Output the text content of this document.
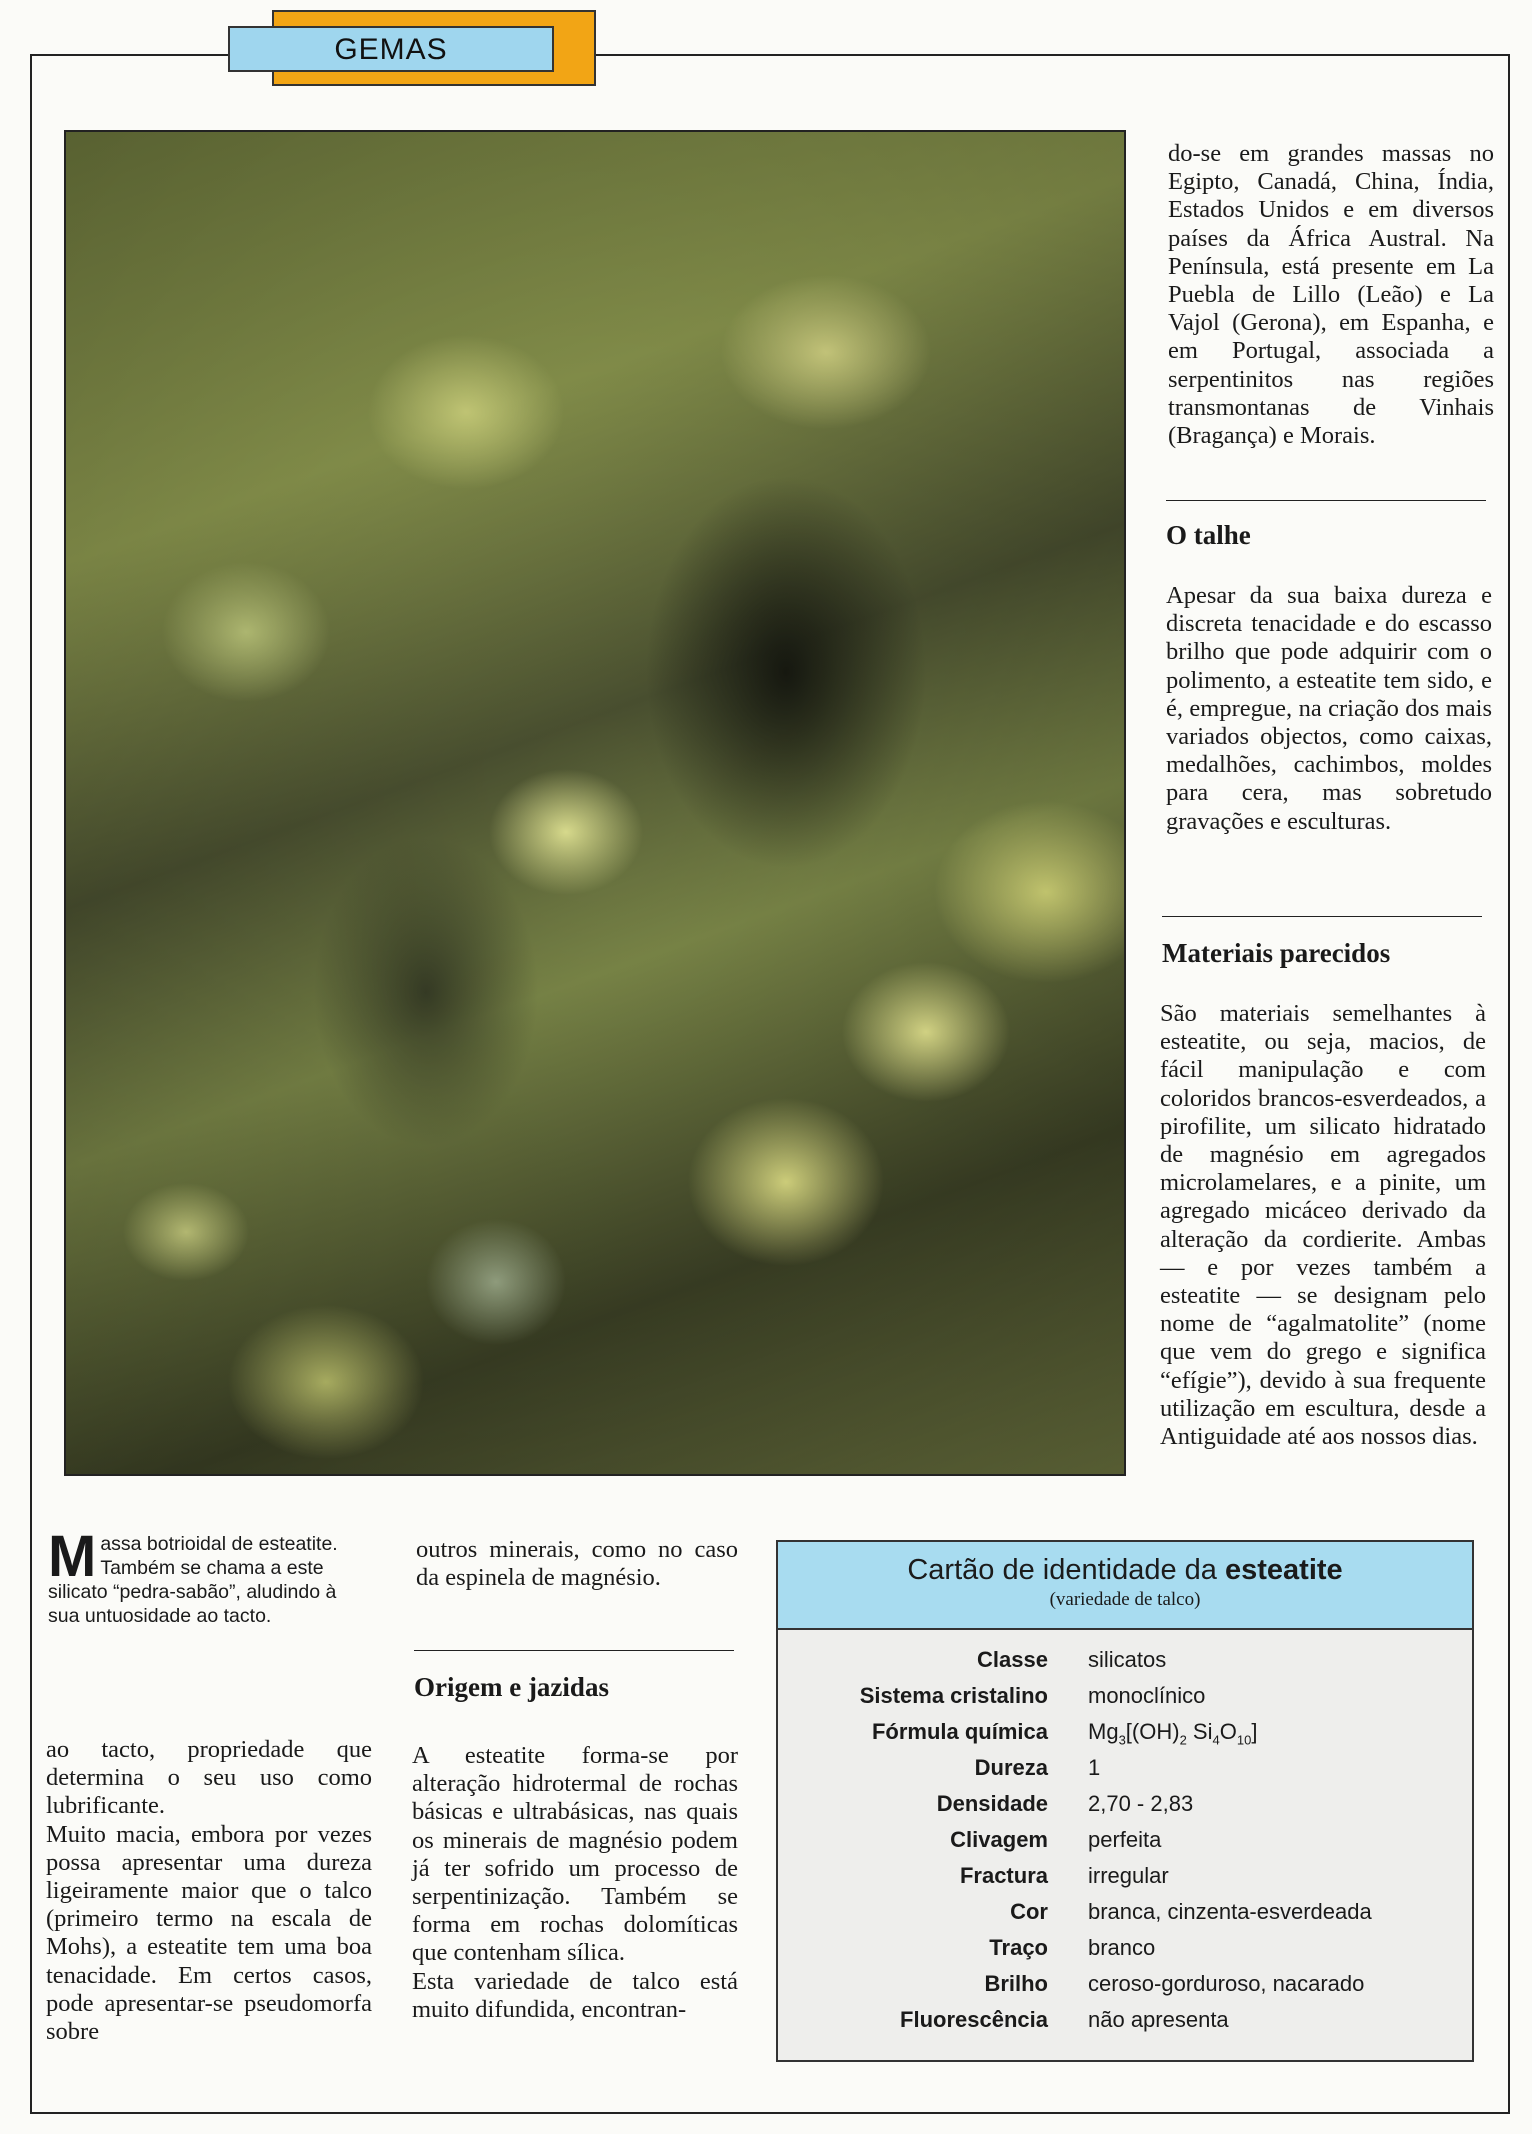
GEMAS

do-se em grandes massas no Egipto, Canadá, China, Índia, Estados Unidos e em diversos países da África Austral. Na Península, está presente em La Puebla de Lillo (Leão) e La Vajol (Gerona), em Espanha, e em Portugal, associada a serpentinitos nas regiões transmontanas de Vinhais (Bragança) e Morais.

O talhe

Apesar da sua baixa dureza e discreta tenacidade e do escasso brilho que pode adquirir com o polimento, a esteatite tem sido, e é, empregue, na criação dos mais variados objectos, como caixas, medalhões, cachimbos, moldes para cera, mas sobretudo gravações e esculturas.

Materiais parecidos

São materiais semelhantes à esteatite, ou seja, macios, de fácil manipulação e com coloridos brancos-esverdeados, a pirofilite, um silicato hidratado de magnésio em agregados microlamelares, e a pinite, um agregado micáceo derivado da alteração da cordierite. Ambas — e por vezes também a esteatite — se designam pelo nome de “agalmatolite” (nome que vem do grego e significa “efígie”), devido à sua frequente utilização em escultura, desde a Antiguidade até aos nossos dias.

M assa botrioidal de esteatite. Também se chama a este silicato “pedra-sabão”, aludindo à sua untuosidade ao tacto.

ao tacto, propriedade que determina o seu uso como lubrificante.

Muito macia, embora por vezes possa apresentar uma dureza ligeiramente maior que o talco (primeiro termo na escala de Mohs), a esteatite tem uma boa tenacidade. Em certos casos, pode apresentar-se pseudomorfa sobre

outros minerais, como no caso da espinela de magnésio.

Origem e jazidas

A esteatite forma-se por alteração hidrotermal de rochas básicas e ultrabásicas, nas quais os minerais de magnésio podem já ter sofrido um processo de serpentinização. Também se forma em rochas dolomíticas que contenham sílica.

Esta variedade de talco está muito difundida, encontran-

Cartão de identidade da esteatite
(variedade de talco)
Classe	silicatos
Sistema cristalino	monoclínico
Fórmula química	$Mg_3[(OH)_2$ $Si_4O_{10}$]
Dureza	1
Densidade	2,70 - 2,83
Clivagem	perfeita
Fractura	irregular
Cor	branca, cinzenta-esverdeada
Traço	branco
Brilho	ceroso-gorduroso, nacarado
Fluorescência	não apresenta
